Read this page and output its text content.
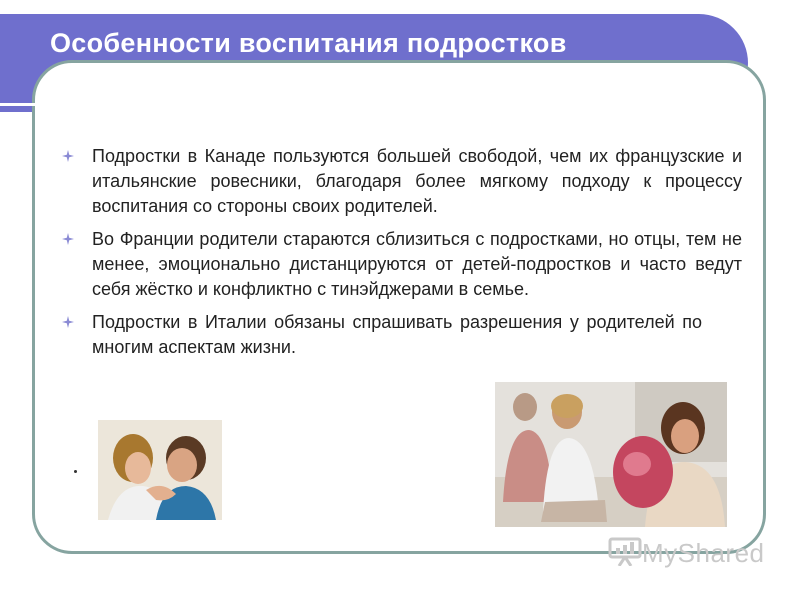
Особенности воспитания подростков
в Канаде, Италии, Франции
Подростки в Канаде пользуются большей свободой, чем их французские и итальянские ровесники, благодаря более мягкому подходу к процессу воспитания со стороны своих родителей.
Во Франции родители стараются сблизиться с подростками, но отцы, тем не менее, эмоционально дистанцируются от детей-подростков и часто ведут себя жёстко и конфликтно с тинэйджерами в семье.
Подростки в Италии обязаны спрашивать разрешения у родителей по многим аспектам жизни.
MyShared
